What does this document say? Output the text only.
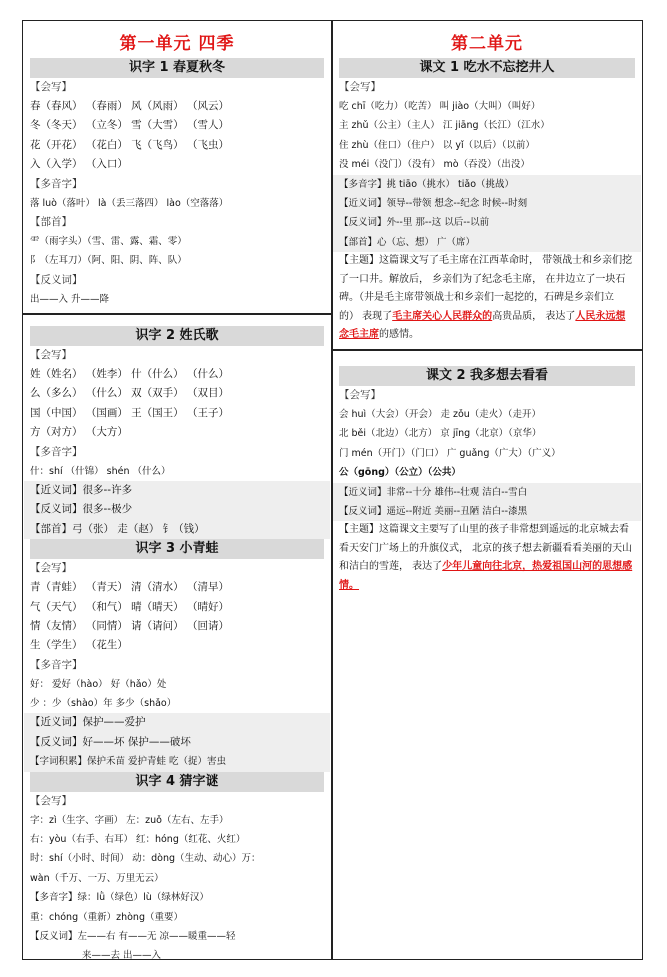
第一单元 四季
识字 1 春夏秋冬
【会写】
春（春风） （春雨） 风（风雨） （风云）
冬（冬天） （立冬） 雪（大雪） （雪人）
花（开花） （花白） 飞（飞鸟） （飞虫）
入（入学） （入口）
【多音字】
落 luò（落叶） là（丢三落四） lào（空落落）
【部首】
⻗（雨字头）（雪、雷、露、霜、零）
阝（左耳刀）（阿、阳、阴、阵、队）
【反义词】
出——入 升——降
识字 2 姓氏歌
【会写】
姓（姓名） （姓李） 什（什么） （什么）
么（多么） （什么） 双（双手） （双目）
国（中国） （国画） 王（国王） （王子）
方（对方） （大方）
【多音字】
什：shí （什锦） shén （什么）
【近义词】很多--许多
【反义词】很多--极少
【部首】弓（张） 走（赵） 钅（钱）
识字 3 小青蛙
【会写】
青（青蛙） （青天） 清（清水） （清早）
气（天气） （和气） 晴（晴天） （晴好）
情（友情） （同情） 请（请问） （回请）
生（学生） （花生）
【多音字】
好： 爱好（hào） 好（hǎo）处
少 ：少（shào）年 多少（shǎo）
【近义词】保护——爱护
【反义词】好——坏 保护——破坏
【字词积累】保护禾苗 爱护青蛙 吃（捉）害虫
识字 4 猜字谜
【会写】
字：zì（生字、字画） 左：zuǒ（左右、左手）
右：yòu（右手、右耳） 红：hóng（红花、火红）
时：shí（小时、时间） 动：dòng（生动、动心）万：
wàn（千万、一万、万里无云）
【多音字】绿：lǜ（绿色）lù（绿林好汉）
重：chóng（重新）zhòng（重要）
【反义词】左——右 有——无 凉——暖重——轻
来——去 出——入
第二单元
课文 1 吃水不忘挖井人
【会写】
吃 chī（吃力）（吃苦） 叫 jiào（大叫）（叫好）
主 zhǔ（公主）（主人） 江 jiāng（长江）（江水）
住 zhù（住口）（住户） 以 yǐ（以后）（以前）
没 méi（没门）（没有） mò（吞没）（出没）
【多音字】挑 tiāo（挑水） tiǎo（挑战）
【近义词】领导--带领 想念--纪念 时候--时刻
【反义词】外--里 那--这 以后--以前
【部首】心（忘、想） 广（席）
【主题】这篇课文写了毛主席在江西革命时， 带领战士和乡亲们挖了一口井。解放后， 乡亲们为了纪念毛主席， 在井边立了一块石碑。（井是毛主席带领战士和乡亲们一起挖的，石碑是乡亲们立的） 表现了毛主席关心人民群众的高贵品质， 表达了人民永远想念毛主席的感情。
课文 2 我多想去看看
【会写】
会 huì（大会）（开会） 走 zǒu（走火）（走开）
北 běi（北边）（北方） 京 jīng（北京）（京华）
门 mén（开门）（门口） 广 guǎng（广大）（广义）
公（gōng）（公立）（公共）
【近义词】非常--十分 雄伟--壮观 洁白--雪白
【反义词】遥远--附近 美丽--丑陋 洁白--漆黑
【主题】这篇课文主要写了山里的孩子非常想到遥远的北京城去看看天安门广场上的升旗仪式， 北京的孩子想去新疆看看美丽的天山和洁白的雪莲， 表达了少年儿童向往北京，热爱祖国山河的思想感情。
